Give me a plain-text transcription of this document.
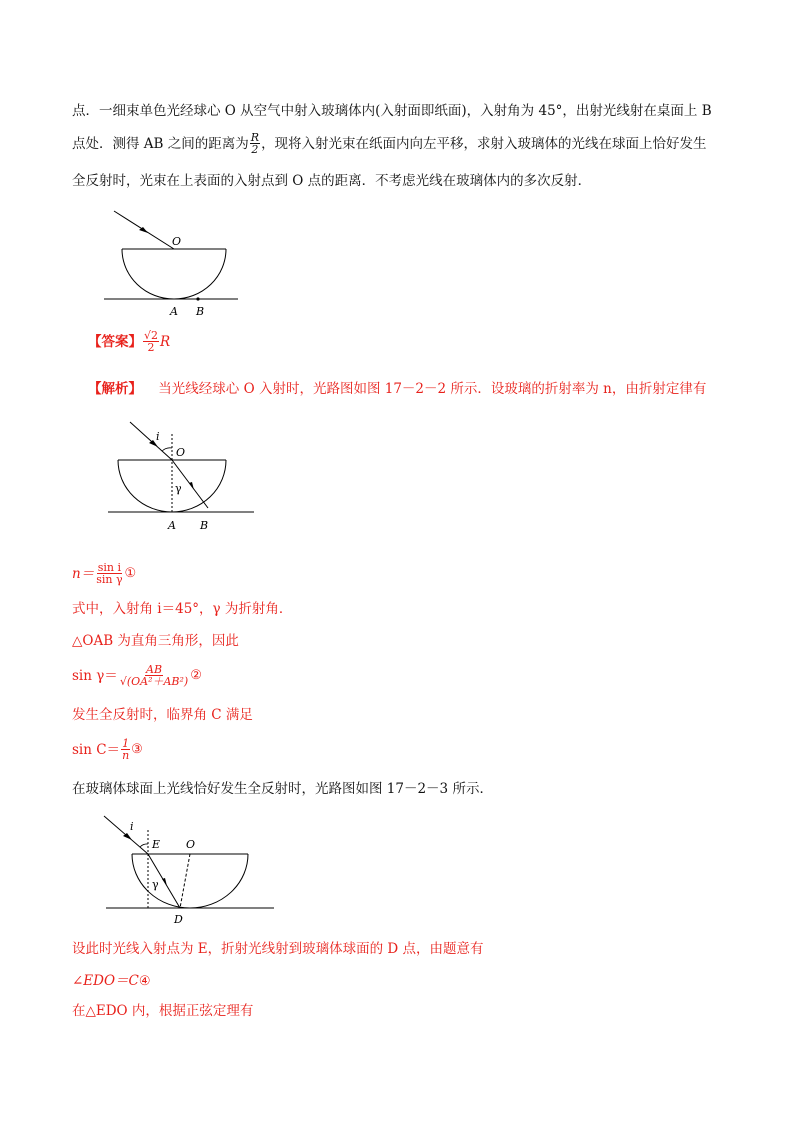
点．一细束单色光经球心 O 从空气中射入玻璃体内(入射面即纸面)，入射角为 45°，出射光线射在桌面上 B
点处．测得 AB 之间的距离为 $\frac{R}{2}$ ，现将入射光束在纸面内向左平移，求射入玻璃体的光线在球面上恰好发生
全反射时，光束在上表面的入射点到 O 点的距离．不考虑光线在玻璃体内的多次反射．
O
A B
【答案】 $\frac{√2}{2}$ R
【解析】 当光线经球心 O 入射时，光路图如图 17－2－2 所示．设玻璃的折射率为 n，由折射定律有
i
O
γ
A B
$n= \frac{\text{sin i}}{\text{sin γ}}$ ①
式中，入射角 i＝45°，γ 为折射角．
△OAB 为直角三角形，因此
$\sin \gamma= \frac{AB}{\text{√(OA²＋AB²)}}$ ②
发生全反射时，临界角 C 满足
$\sin C= \frac{1}{n}$ ③
在玻璃体球面上光线恰好发生全反射时，光路图如图 17－2－3 所示．
i
E O
γ
D
设此时光线入射点为 E，折射光线射到玻璃体球面的 D 点，由题意有
∠EDO＝C④
在△EDO 内，根据正弦定理有
